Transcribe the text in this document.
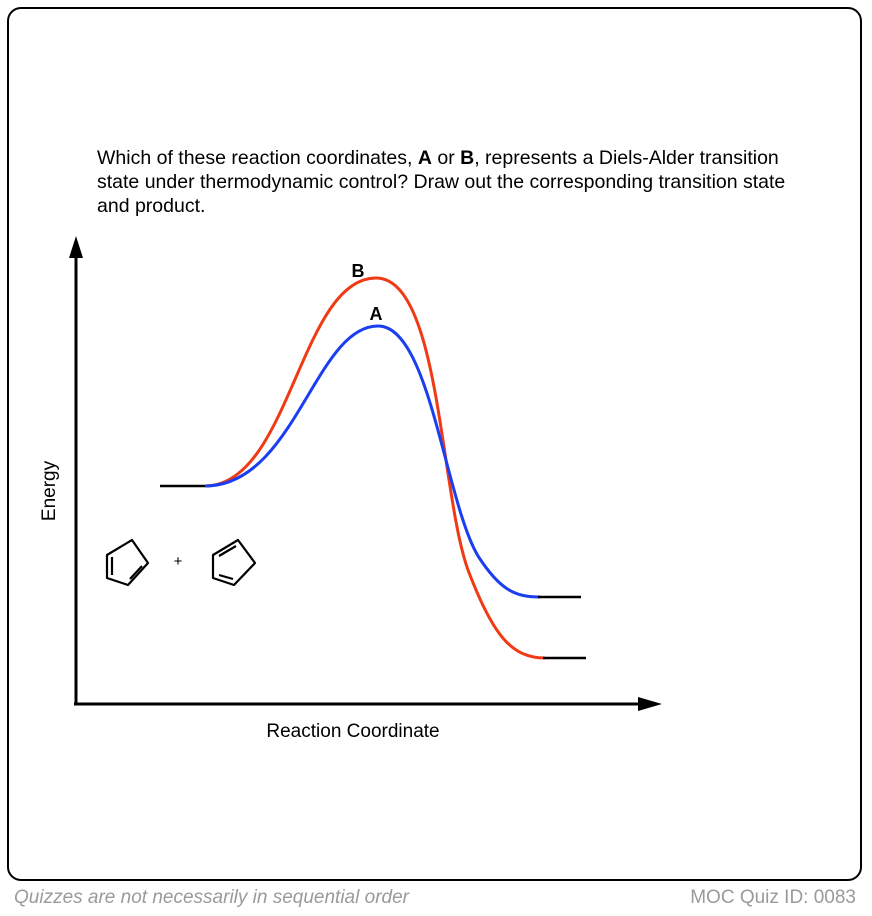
Which of these reaction coordinates, A or B, represents a Diels-Alder transition state under thermodynamic control? Draw out the corresponding transition state and product.
Energy
Reaction Coordinate
B
A
+
Quizzes are not necessarily in sequential order	MOC Quiz ID: 0083
